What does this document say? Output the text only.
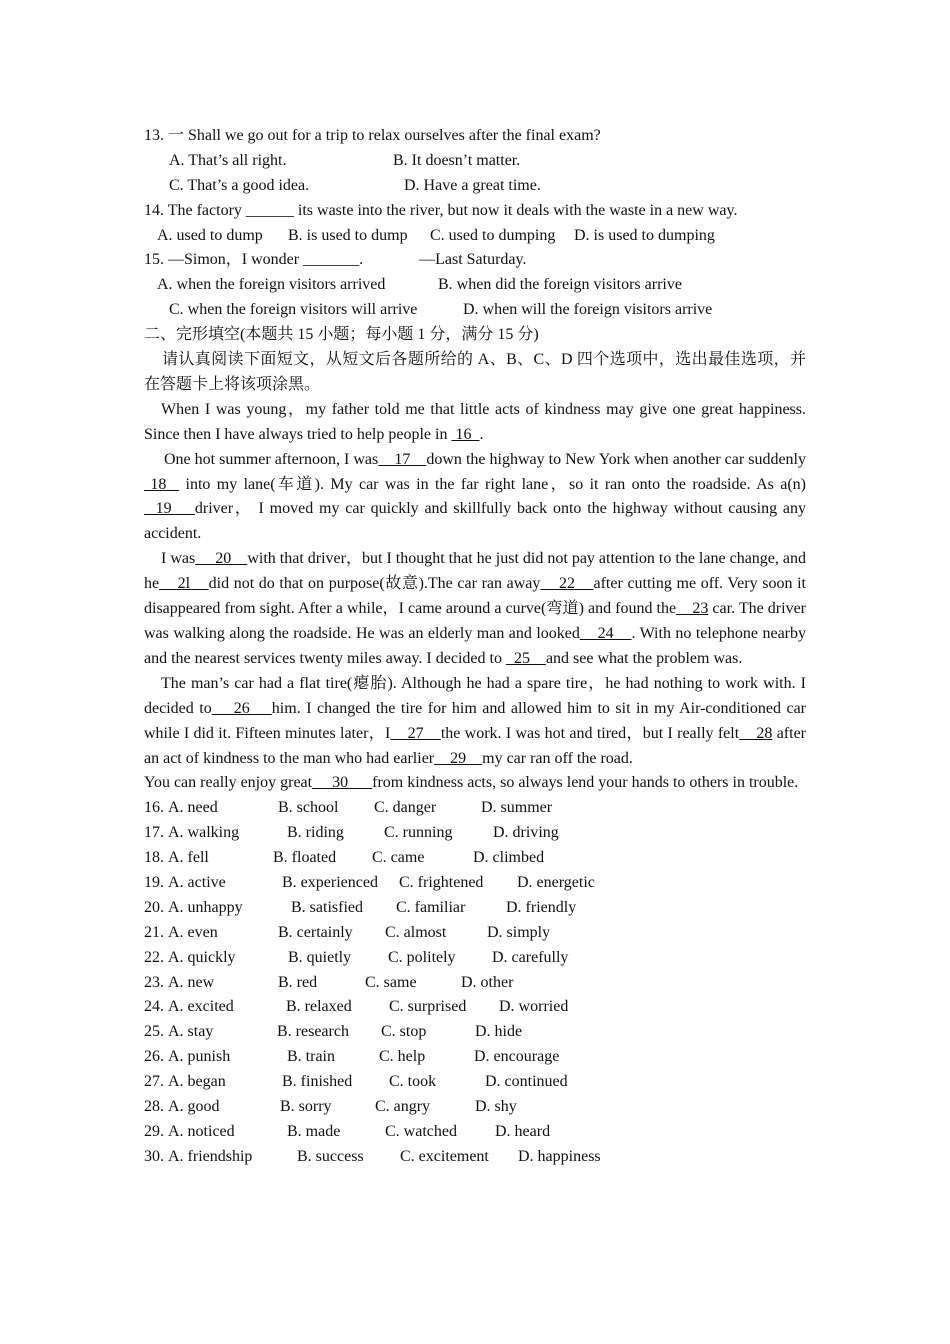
13. 一 Shall we go out for a trip to relax ourselves after the final exam?
A. That’s all right.	B. It doesn’t matter.
C. That’s a good idea.	D. Have a great time.
14. The factory ______ its waste into the river, but now it deals with the waste in a new way.
A. used to dump	B. is used to dump	C. used to dumping	D. is used to dumping
15. —Simon，I wonder _______.              —Last Saturday.
A. when the foreign visitors arrived	B. when did the foreign visitors arrive
C. when the foreign visitors will arrive	D. when will the foreign visitors arrive
二、完形填空(本题共 15 小题；每小题 1 分，满分 15 分)
请认真阅读下面短文，从短文后各题所给的 A、B、C、D 四个选项中，选出最佳选项，并在答题卡上将该项涂黑。
When I was young，my father told me that little acts of kindness may give one great happiness. Since then I have always tried to help people in  16  .
One hot summer afternoon, I was    17    down the highway to New York when another car suddenly  18   into my lane(车道). My car was in the far right lane，so it ran onto the roadside. As a(n)   19    driver， I moved my car quickly and skillfully back onto the highway without causing any accident.
I was     20    with that driver，but I thought that he just did not pay attention to the lane change, and he    2l    did not do that on purpose(故意).The car ran away    22    after cutting me off. Very soon it disappeared from sight. After a while，I came around a curve(弯道) and found the    23 car. The driver was walking along the roadside. He was an elderly man and looked    24    . With no telephone nearby and the nearest services twenty miles away. I decided to   25    and see what the problem was.
The man’s car had a flat tire(瘪胎). Although he had a spare tire，he had nothing to work with. I decided to    26    him. I changed the tire for him and allowed him to sit in my Air-conditioned car while I did it. Fifteen minutes later，I    27    the work. I was hot and tired，but I really felt    28 after an act of kindness to the man who had earlier    29    my car ran off the road.
You can really enjoy great     30      from kindness acts, so always lend your hands to others in trouble.
16. A. need	B. school	C. danger	D. summer
17. A. walking	B. riding	C. running	D. driving
18. A. fell	B. floated	C. came	D. climbed
19. A. active	B. experienced	C. frightened	D. energetic
20. A. unhappy	B. satisfied	C. familiar	D. friendly
21. A. even	B. certainly	C. almost	D. simply
22. A. quickly	B. quietly	C. politely	D. carefully
23. A. new	B. red	C. same	D. other
24. A. excited	B. relaxed	C. surprised	D. worried
25. A. stay	B. research	C. stop	D. hide
26. A. punish	B. train	C. help	D. encourage
27. A. began	B. finished	C. took	D. continued
28. A. good	B. sorry	C. angry	D. shy
29. A. noticed	B. made	C. watched	D. heard
30. A. friendship	B. success	C. excitement	D. happiness
